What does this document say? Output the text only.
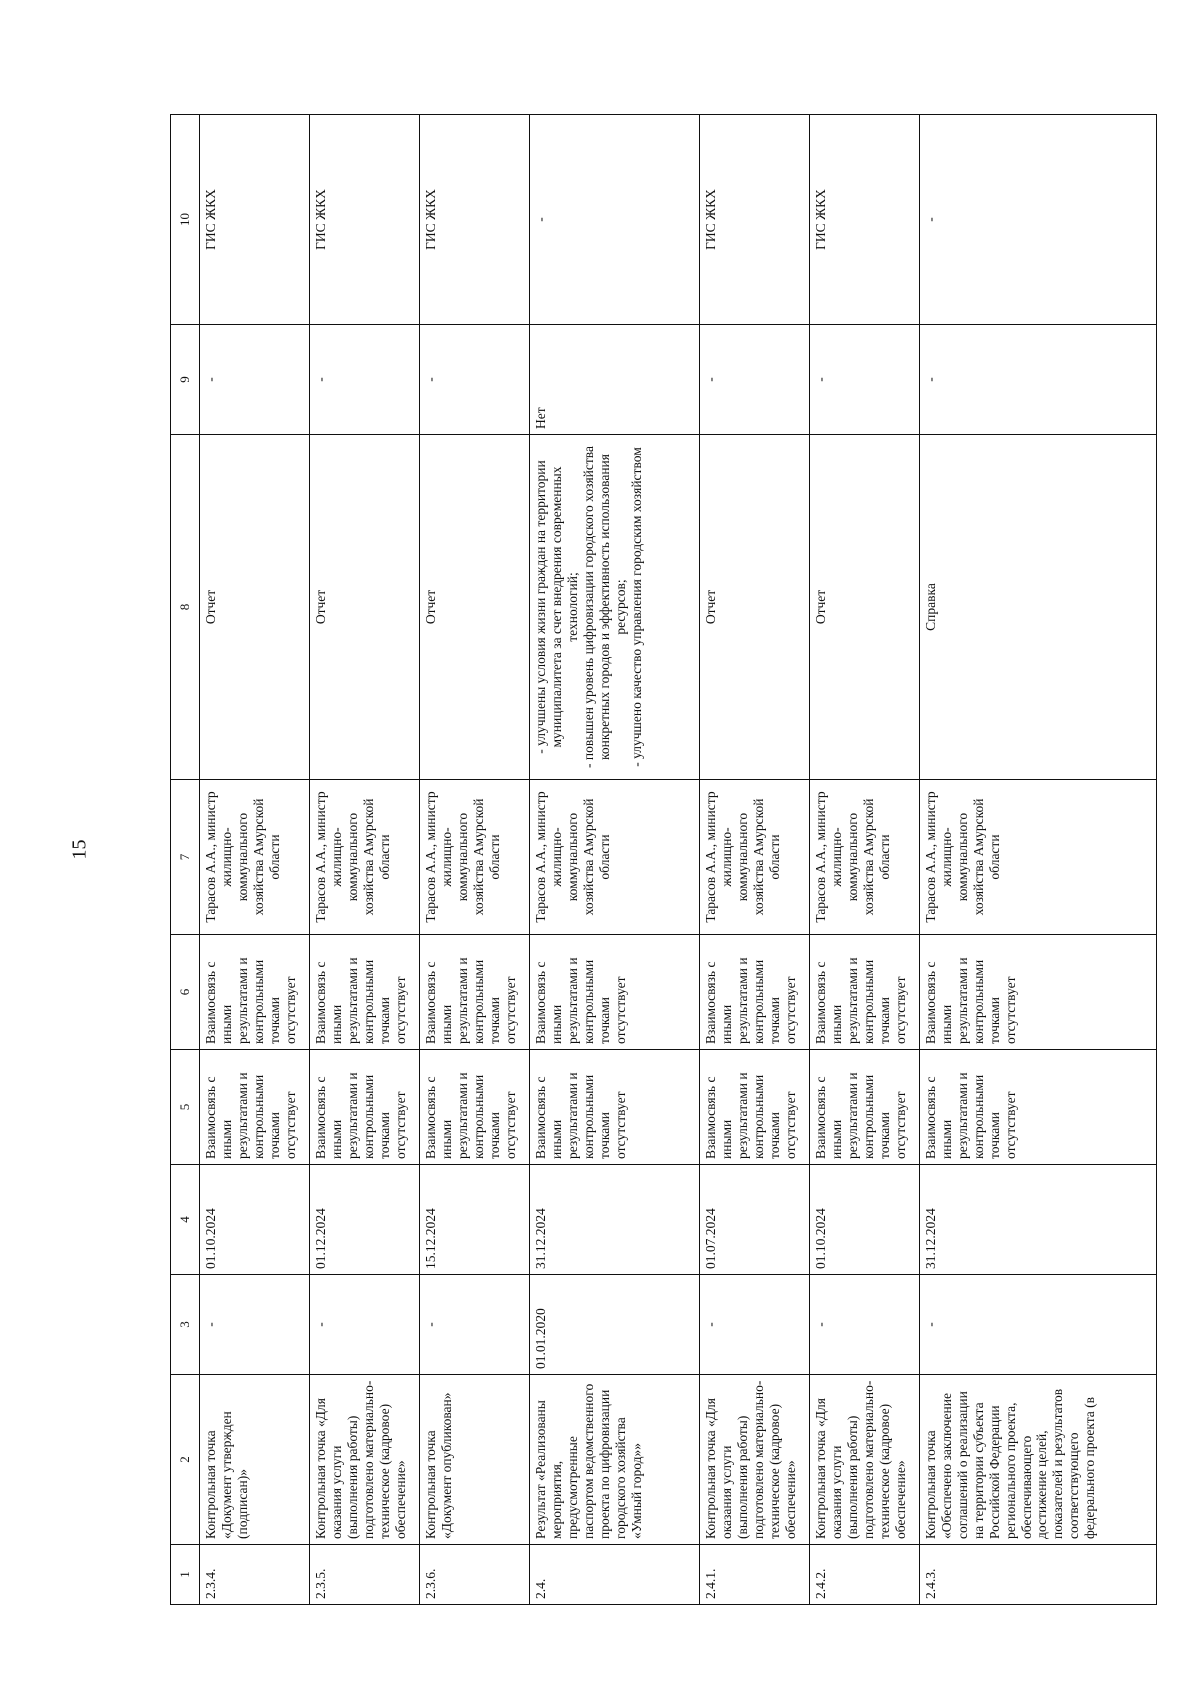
15
1	2	3	4	5	6	7	8	9	10
2.3.4.	Контрольная точка «Документ утвержден (подписан)»	-	01.10.2024	Взаимосвязь с иными результатами и контрольными точками отсутствует	Взаимосвязь с иными результатами и контрольными точками отсутствует	Тарасов А.А., министр жилищно-коммунального хозяйства Амурской области	Отчет	-	ГИС ЖКХ
2.3.5.	Контрольная точка «Для оказания услуги (выполнения работы) подготовлено материально-техническое (кадровое) обеспечение»	-	01.12.2024	Взаимосвязь с иными результатами и контрольными точками отсутствует	Взаимосвязь с иными результатами и контрольными точками отсутствует	Тарасов А.А., министр жилищно-коммунального хозяйства Амурской области	Отчет	-	ГИС ЖКХ
2.3.6.	Контрольная точка «Документ опубликован»	-	15.12.2024	Взаимосвязь с иными результатами и контрольными точками отсутствует	Взаимосвязь с иными результатами и контрольными точками отсутствует	Тарасов А.А., министр жилищно-коммунального хозяйства Амурской области	Отчет	-	ГИС ЖКХ
2.4.	Результат «Реализованы мероприятия, предусмотренные паспортом ведомственного проекта по цифровизации городского хозяйства «Умный город»»	01.01.2020	31.12.2024	Взаимосвязь с иными результатами и контрольными точками отсутствует	Взаимосвязь с иными результатами и контрольными точками отсутствует	Тарасов А.А., министр жилищно-коммунального хозяйства Амурской области	- улучшены условия жизни граждан на территории муниципалитета за счет внедрения современных технологий;
- повышен уровень цифровизации городского хозяйства конкретных городов и эффективность использования ресурсов;
- улучшено качество управления городским хозяйством	Нет	-
2.4.1.	Контрольная точка «Для оказания услуги (выполнения работы) подготовлено материально-техническое (кадровое) обеспечение»	-	01.07.2024	Взаимосвязь с иными результатами и контрольными точками отсутствует	Взаимосвязь с иными результатами и контрольными точками отсутствует	Тарасов А.А., министр жилищно-коммунального хозяйства Амурской области	Отчет	-	ГИС ЖКХ
2.4.2.	Контрольная точка «Для оказания услуги (выполнения работы) подготовлено материально-техническое (кадровое) обеспечение»	-	01.10.2024	Взаимосвязь с иными результатами и контрольными точками отсутствует	Взаимосвязь с иными результатами и контрольными точками отсутствует	Тарасов А.А., министр жилищно-коммунального хозяйства Амурской области	Отчет	-	ГИС ЖКХ
2.4.3.	Контрольная точка «Обеспечено заключение соглашений о реализации на территории субъекта Российской Федерации регионального проекта, обеспечивающего достижение целей, показателей и результатов соответствующего федерального проекта (в	-	31.12.2024	Взаимосвязь с иными результатами и контрольными точками отсутствует	Взаимосвязь с иными результатами и контрольными точками отсутствует	Тарасов А.А., министр жилищно-коммунального хозяйства Амурской области	Справка	-	-
